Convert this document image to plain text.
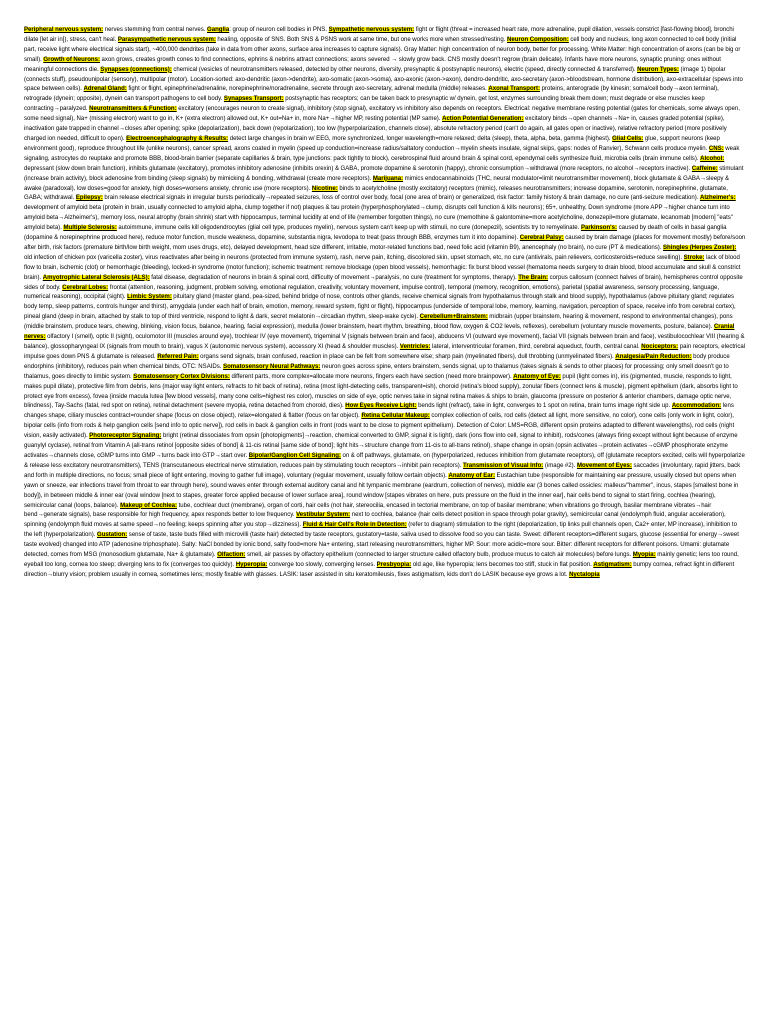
Peripheral nervous system: nerves stemming from central nerves. Ganglia: group of neuron cell bodies in PNS. Sympathetic nervous system: fight or flight (threat = increased heart rate, more adrenaline, pupil dilation, vessels constrict [fast-flowing blood], bronchi dilate [let air in]), stress, can't heal. Parasympathetic nervous system: healing, opposite of SNS. Both SNS & PSNS work at same time, but one works more when stressed/resting. Neuron Composition: cell body and nucleus, long axon connected to cell body (initial part, receive light where electrical signals start), ~400,000 dendrites (take in data from other axons, surface area increases to capture signals). Gray Matter: high concentration of neuron body, better for processing. White Matter: high concentration of axons (can be big or small). Growth of Neurons: axon grows, creates growth cones to find connections, ephrins & nebrins attract connections; axons severed → slowly grow back. CNS mostly doesn't regrow (brain delicate). Infants have more neurons, synaptic pruning: ones without meaningful connections die. Synapses (connections): chemical (vesicles of neurotransmitters released, detected by other neurons, diversity, presynaptic & postsynaptic neurons), electric (speed, directly connected & transferred). Neuron Types: (image 1) bipolar (connects stuff), pseudounipolar (sensory), multipolar (motor). Location-sorted: axo-dendritic (axon->dendrite), axo-somatic (axon->soma), axo-axonic (axon->axon), dendro-dendritic, axo-secretary (axon->bloodstream, hormone distribution), axo-extracellular (spews into space between cells). Adrenal Gland: fight or flight, epinephrine/adrenaline, norepinephrine/noradrenaline, secrete through axo-secretary, adrenal medulla (middle) releases. Axonal Transport: proteins, anterograde (by kinesin; soma/cell body→axon terminal), retrograde (dynein; opposite), dynein can transport pathogens to cell body. Synapses Transport: postsynaptic has receptors; can be taken back to presynaptic w/ dynein, get lost, enzymes surrounding break them down; must degrade or else muscles keep contracting→paralyzed. Neurotransmitters & Function: excitatory (encourages neuron to create signal), inhibitory (stop signal), excitatory vs inhibitory also depends on receptors. Electrical: negative membrane resting potential (gates for chemicals, some always open, some need signal), Na+ (missing electron) want to go in, K+ (extra electron) allowed out, K+ out=Na+ in, more Na+→higher MP, resting potential (MP same). Action Potential Generation: excitatory binds→open channels→Na+ in, causes graded potential (spike), inactivation gate trapped in channel→closes after opening; spike (depolarization), back down (repolarization), too low (hyperpolarization, channels close), absolute refractory period (can't do again, all gates open or inactive), relative refractory period (more positively charged ion needed, difficult to open). Electroencephalography & Results: detect large changes in brain w/ EEG, more synchronized, longer wavelength=more relaxed; delta (sleep), theta, alpha, beta, gamma (highest). Glial Cells: glue, support neurons (keep environment good), reproduce throughout life (unlike neurons), cancer spread, axons coated in myelin (speed up conduction=increase radius/saltatory conduction→myelin sheets insulate, signal skips, gaps: nodes of Ranvier), Schwann cells produce myelin. CNS: weak signaling, astrocytes do reuptake and promote BBB, blood-brain barrier (separate capillaries & brain, type junctions: pack tightly to block), cerebrospinal fluid around brain & spinal cord, ependymal cells synthesize fluid, microbia cells (brain immune cells). Alcohol: depressant (slow down brain function), inhibits glutamate (excitatory), promotes inhibitory adenosine (inhibits orexin) & GABA, promote dopamine & serotonin (happy), chronic consumption→withdrawal (more receptors, no alcohol→receptors inactive). Caffeine: stimulant (increase brain activity), block adenosine from binding (sleep signals) by mimicking & bonding, withdrawal (create more receptors). Marijuana: mimics endocannabinoids (THC, neural modulator=limit neurotransmitter movement), block glutamate & GABA→sleepy & awake (paradoxal), low doses=good for anxiety, high doses=worsens anxiety, chronic use (more receptors). Nicotine: binds to acetylcholine (mostly excitatory) receptors (mimic), releases neurotransmitters; increase dopamine, serotonin, norepinephrine, glutamate, GABA; withdrawal. Epilepsy: brain release electrical signals in irregular bursts periodically→repeated seizures, loss of control over body, focal (one area of brain) or generalized, risk factor: family history & brain damage, no cure (anti-seizure medication). Alzheimer's: development of amyloid beta (protein in brain, usually connected to amyloid alpha, clump together if not) plaques & tau protein (hyperphosphorylated→clump, disrupts cell function & kills neurons); 65+, unhealthy, Down syndrome (more APP→higher chance turn into amyloid beta→Alzheimer's), memory loss, neural atrophy (brain shrink) start with hippocampus, terminal lucidity at end of life (remember forgotten things), no cure (memothine & galontomine=more acetylcholine, donezepil=more glutamate, lecanomab [modern] "eats" amyloid beta). Multiple Sclerosis: autoimmune, immune cells kill oligodendrocytes (glial cell type, produces myelin), nervous system can't keep up with stimuli, no cure (donepezil), scientists try to remyelinate. Parkinson's: caused by death of cells in basal ganglia (dopamine & norepinephrine produced here), reduce motor function, muscle weakness, dopamine, substantia nigra, levodopa to treat (pass through BBB, enzymes turn it into dopamine). Cerebral Palsy: caused by brain damage (places for movement mostly) before/soon after birth, risk factors (premature birth/low birth weight, mom uses drugs, etc), delayed development, head size different, irritable, motor-related functions bad, need folic acid (vitamin B9), anencephaly (no brain), no cure (PT & medications). Shingles (Herpes Zoster): old infection of chicken pox (varicella zoster), virus reactivates after being in neurons (protected from immune system), rash, nerve pain, itching, discolored skin, upset stomach, etc, no cure (antivirals, pain relievers, corticosteroids=reduce swelling). Stroke: lack of blood flow to brain, ischemic (clot) or hemorrhagic (bleeding), locked-in syndrome (motor function); ischemic treatment: remove blockage (open blood vessels), hemorrhagic: fix burst blood vessel (hematoma needs surgery to drain blood, blood accumulate and skull & constrict brain). Amyotrophic Lateral Sclerosis (ALS): fatal disease, degradation of neurons in brain & spinal cord, difficulty of movement→paralysis, no cure (treatment for symptoms, therapy). The Brain: corpus callosum (connect halves of brain), hemispheres control opposite sides of body. Cerebral Lobes: frontal (attention, reasoning, judgment, problem solving, emotional regulation, creativity, voluntary movement, impulse control), temporal (memory, recognition, emotions), parietal (spatial awareness, sensory processing, language, numerical reasoning), occipital (sight). Limbic System: pituitary gland (master gland, pea-sized, behind bridge of nose, controls other glands, receive chemical signals from hypothalamus through stalk and blood supply), hypothalamus (above pituitary gland; regulates body temp, sleep patterns, controls hunger and thirst), amygdala (under each half of brain, emotion, memory, reward system, fight or flight), hippocampus (underside of temporal lobe, memory, learning, navigation, perception of space, receive info from cerebral cortex), pineal gland (deep in brain, attached by stalk to top of third ventricle, respond to light & dark, secret melatonin→circadian rhythm, sleep-wake cycle). Cerebellum+Brainstem: midbrain (upper brainstem, hearing & movement, respond to environmental changes), pons (middle brainstem, produce tears, chewing, blinking, vision focus, balance, hearing, facial expression), medulla (lower brainstem, heart rhythm, breathing, blood flow, oxygen & CO2 levels, reflexes), cerebellum (voluntary muscle movements, posture, balance). Cranial nerves: olfactory I (smell), optic II (sight), oculomotor III (muscles around eye), trochlear IV (eye movement), trigeminal V (signals between brain and face), abducens VI (outward eye movement), facial VII (signals between brain and face), vestibulocochlear VIII (hearing & balance), glossopharyngeal IX (signals from mouth to brain), vagus X (autonomic nervous system), accessory XI (head & shoulder muscles). Ventricles: lateral, interventricular foramen, third, cerebral aqueduct, fourth, central canal. Nociceptors: pain receptors, electrical impulse goes down PNS & glutamate is released. Referred Pain: organs send signals, brain confused, reaction in place can be felt from somewhere else; sharp pain (myelinated fibers), dull throbbing (unmyelinated fibers). Analgesia/Pain Reduction: body produce endorphins (inhibitory), reduces pain when chemical binds, OTC: NSAIDs. Somatosensory Neural Pathways: neuron goes across spine, enters brainstem, sends signal, up to thalamus (takes signals & sends to other places) for processing; only smell doesn't go to thalamus, goes directly to limbic system. Somatosensory Cortex Divisions: different parts, more complex=allocate more neurons, fingers each have section (need more brainpower). Anatomy of Eye: pupil (light comes in), iris (pigmented, muscle, responds to light, makes pupil dilate), protective film from debris, lens (major way light enters, refracts to hit back of retina), retina (most light-detecting cells, transparent=ish), choroid (retina's blood supply), zonular fibers (connect lens & muscle), pigment epithelium (dark, absorbs light to protect eye from excess), fovea (inside macula lutea [few blood vessels], many cone cells=highest res color), muscles on side of eye, optic nerves take in signal retina makes & ships to brain, glaucoma (pressure on posterior & anterior chambers, damage optic nerve, blindness), Tay-Sachs (fatal, red spot on retina), retinal detachment (severe myopia, retina detached from choroid, dies). How Eyes Receive Light: bends light (refract), take in light, converges to 1 spot on retina, brain turns image right side up. Accommodation: lens changes shape, ciliary muscles contract=rounder shape (focus on close object), relax=elongated & flatter (focus on far object). Retina Cellular Makeup: complex collection of cells, rod cells (detect all light, more sensitive, no color), cone cells (only work in light, color), bipolar cells (info from rods & help ganglion cells [send info to optic nerve]), rod cells in back & ganglion cells in front (rods want to be close to pigment epithelium). Detection of Color: LMS=RGB, different opsin proteins adapted to different wavelengths), rod cells (night vision, easily activated). Photoreceptor Signaling: bright (retinal dissociates from opsin [photopigments]→reaction, chemical converted to GMP, signal it is light), dark (ions flow into cell, signal to inhibit), rods/cones (always firing except without light because of enzyme guanylyl cyclase), retinal from Vitamin A (all-trans retinol [opposite sides of bond] & 11-cis retinal [same side of bond]; light hits→structure change from 11-cis to all-trans retinol), shape change in opsin (opsin activates→protein activates→cGMP phosphorate enzyme activates→channels close, cGMP turns into GMP→turns back into GTP→start over. Bipolar/Ganglion Cell Signaling: on & off pathways, glutamate, on (hyperpolarized, reduces inhibition from glutamate receptors), off (glutamate receptors excited, cells will hyperpolarize & release less excitatory neurotransmitters), TENS (transcutaneous electrical nerve stimulation, reduces pain by stimulating touch receptors→inhibit pain receptors). Transmission of Visual Info: (image #2). Movement of Eyes: saccades (involuntary, rapid jitters, back and forth in multiple directions, no focus; small piece of light entering, moving to gather full image), voluntary (regular movement, usually follow certain objects). Anatomy of Ear: Eustachian tube (responsible for maintaining ear pressure, usually closed but opens when yawn or sneeze, ear infections travel from throat to ear through here), sound waves enter through external auditory canal and hit tympanic membrane (eardrum, collection of nerves), middle ear (3 bones called ossicles: malleus/"hammer", incus, stapes [smallest bone in body]), in between middle & inner ear (oval window [next to stapes, greater force applied because of lower surface area], round window [stapes vibrates on here, puts pressure on the fluid in the inner ear], hair cells bend to signal to start firing, cochlea (hearing), semicircular canal (loops, balance). Makeup of Cochlea: tube, cochlear duct (membrane), organ of corti, hair cells (not hair, stereocilia, encased in tectorial membrane, on top of basilar membrane; when vibrations go through, basilar membrane vibrates→hair bend→generate signals), base responsible for high frequency, apex responds better to low frequency. Vestibular System: next to cochlea, balance (hair cells detect position in space through polar gravity), semicircular canal (endolymph fluid, angular acceleration), spinning (endolymph fluid moves at same speed→no feeling; keeps spinning after you stop→dizziness). Fluid & Hair Cell's Role in Detection: (refer to diagram) stimulation to the right (depolarization, tip links pull channels open, Ca2+ enter, MP increase), inhibition to the left (hyperpolarization). Gustation: sense of taste, taste buds filled with microvilli (taste hair) detected by taste receptors, gustatory=taste, saliva used to dissolve food so you can taste. Sweet: different receptors=different sugars, glucose (essential for energy→sweet taste evolved) changed into ATP (adenosine triphosphate). Salty: NaCl bonded by ionic bond, salty food=more Na+ entering, start releasing neurotransmitters, higher MP. Sour: more acidic=more sour. Bitter: different receptors for different poisons. Umami: glutamate detected, comes from MSG (monosodium glutamate, Na+ & glutamate). Olfaction: smell, air passes by olfactory epithelium (connected to larger structure called olfactory bulb, produce mucus to catch air molecules) before lungs. Myopia: mainly genetic; lens too round, eyeball too long, cornea too steep; diverging lens to fix (converges too quickly). Hyperopia: converge too slowly, converging lenses. Presbyopia: old age, like hyperopia; lens becomes too stiff, stuck in flat position. Astigmatism: bumpy cornea, refract light in different direction→blurry vision; problem usually in cornea, sometimes lens; mostly fixable with glasses. LASIK: laser assisted in situ keratomileusis, fixes astigmatism, kids don't do LASIK because eye grows a lot. Nyctalopia
